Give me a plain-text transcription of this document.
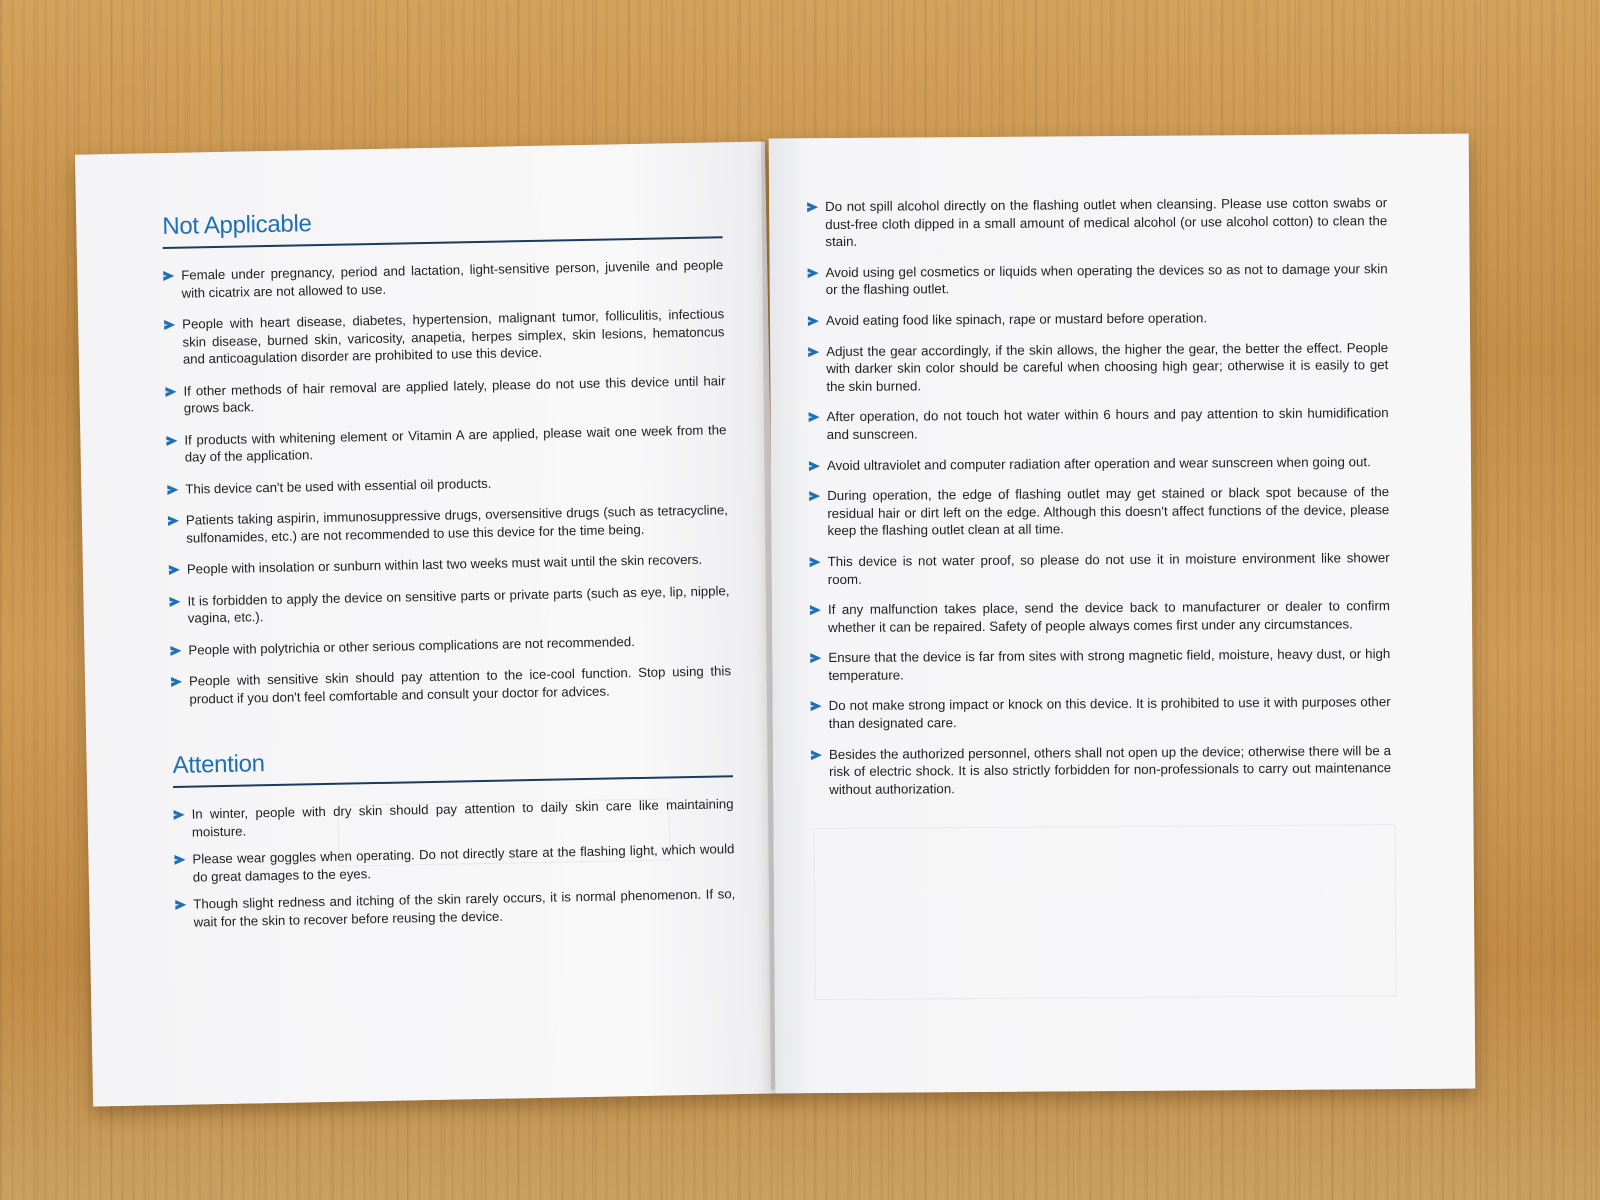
Not Applicable
Female under pregnancy, period and lactation, light-sensitive person, juvenile and people with cicatrix are not allowed to use.
People with heart disease, diabetes, hypertension, malignant tumor, folliculitis, infectious skin disease, burned skin, varicosity, anapetia, herpes simplex, skin lesions, hematoncus and anticoagulation disorder are prohibited to use this device.
If other methods of hair removal are applied lately, please do not use this device until hair grows back.
If products with whitening element or Vitamin A are applied, please wait one week from the day of the application.
This device can't be used with essential oil products.
Patients taking aspirin, immunosuppressive drugs, oversensitive drugs (such as tetracycline, sulfonamides, etc.) are not recommended to use this device for the time being.
People with insolation or sunburn within last two weeks must wait until the skin recovers.
It is forbidden to apply the device on sensitive parts or private parts (such as eye, lip, nipple, vagina, etc.).
People with polytrichia or other serious complications are not recommended.
People with sensitive skin should pay attention to the ice-cool function. Stop using this product if you don't feel comfortable and consult your doctor for advices.
Attention
In winter, people with dry skin should pay attention to daily skin care like maintaining moisture.
Please wear goggles when operating. Do not directly stare at the flashing light, which would do great damages to the eyes.
Though slight redness and itching of the skin rarely occurs, it is normal phenomenon. If so, wait for the skin to recover before reusing the device.
Do not spill alcohol directly on the flashing outlet when cleansing. Please use cotton swabs or dust-free cloth dipped in a small amount of medical alcohol (or use alcohol cotton) to clean the stain.
Avoid using gel cosmetics or liquids when operating the devices so as not to damage your skin or the flashing outlet.
Avoid eating food like spinach, rape or mustard before operation.
Adjust the gear accordingly, if the skin allows, the higher the gear, the better the effect. People with darker skin color should be careful when choosing high gear; otherwise it is easily to get the skin burned.
After operation, do not touch hot water within 6 hours and pay attention to skin humidification and sunscreen.
Avoid ultraviolet and computer radiation after operation and wear sunscreen when going out.
During operation, the edge of flashing outlet may get stained or black spot because of the residual hair or dirt left on the edge. Although this doesn't affect functions of the device, please keep the flashing outlet clean at all time.
This device is not water proof, so please do not use it in moisture environment like shower room.
If any malfunction takes place, send the device back to manufacturer or dealer to confirm whether it can be repaired. Safety of people always comes first under any circumstances.
Ensure that the device is far from sites with strong magnetic field, moisture, heavy dust, or high temperature.
Do not make strong impact or knock on this device. It is prohibited to use it with purposes other than designated care.
Besides the authorized personnel, others shall not open up the device; otherwise there will be a risk of electric shock. It is also strictly forbidden for non-professionals to carry out maintenance without authorization.
